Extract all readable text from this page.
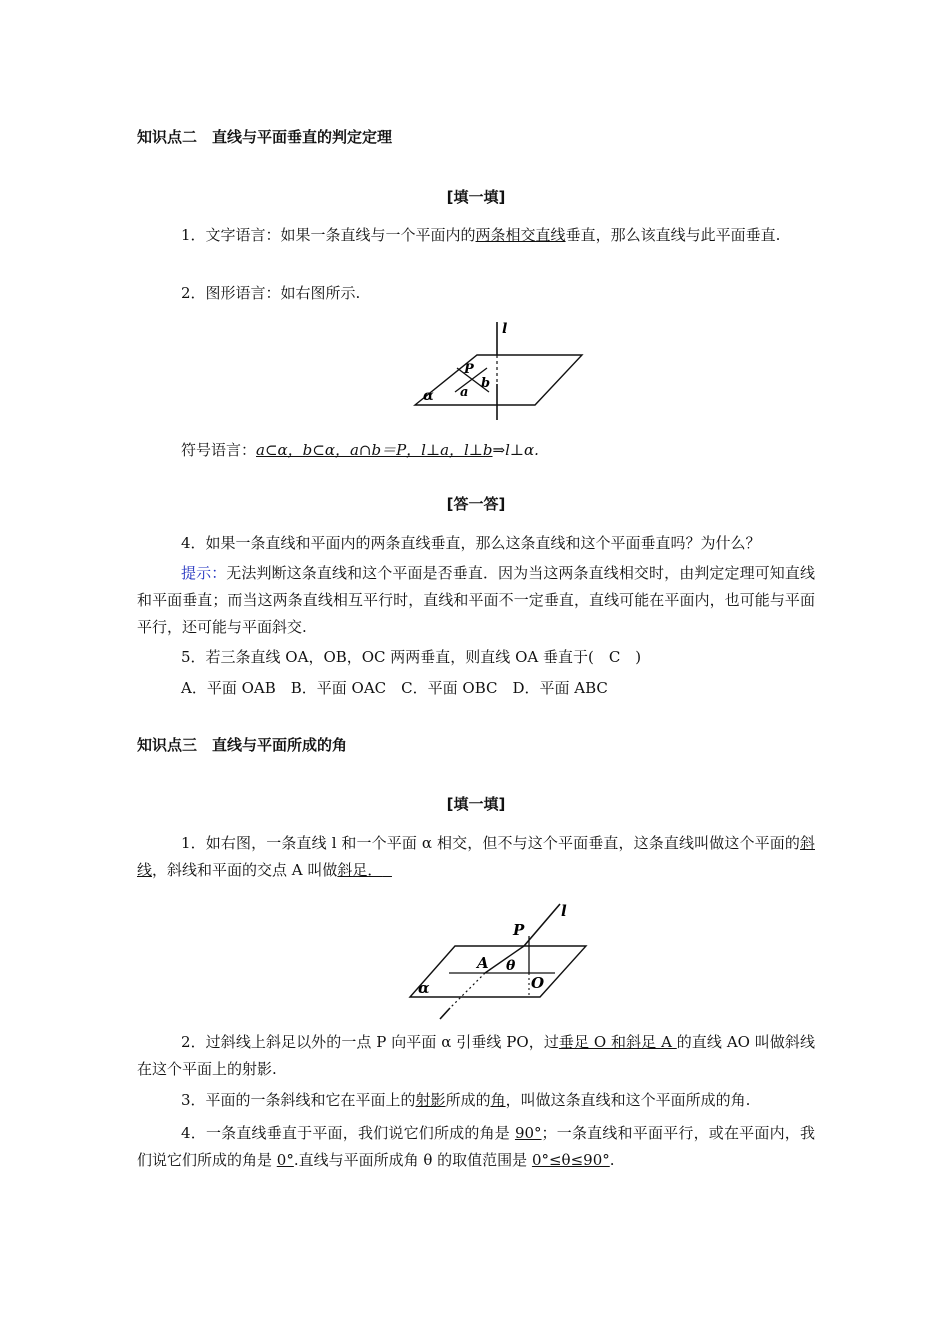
知识点二　直线与平面垂直的判定定理
[填一填]
1．文字语言：如果一条直线与一个平面内的两条相交直线垂直，那么该直线与此平面垂直.
2．图形语言：如右图所示.
l
P
a
b
α
符号语言：a⊂α，b⊂α，a∩b＝P，l⊥a，l⊥b⇒l⊥α.
[答一答]
4．如果一条直线和平面内的两条直线垂直，那么这条直线和这个平面垂直吗？为什么？
提示：无法判断这条直线和这个平面是否垂直．因为当这两条直线相交时，由判定定理可知直线和平面垂直；而当这两条直线相互平行时，直线和平面不一定垂直，直线可能在平面内，也可能与平面平行，还可能与平面斜交.
5．若三条直线 OA，OB，OC 两两垂直，则直线 OA 垂直于(　C　)
A．平面 OAB　B．平面 OAC　C．平面 OBC　D．平面 ABC
知识点三　直线与平面所成的角
[填一填]
1．如右图，一条直线 l 和一个平面 α 相交，但不与这个平面垂直，这条直线叫做这个平面的斜线，斜线和平面的交点 A 叫做斜足．
l
P
A θ
O
α
2．过斜线上斜足以外的一点 P 向平面 α 引垂线 PO，过垂足 O 和斜足 A 的直线 AO 叫做斜线在这个平面上的射影.
3．平面的一条斜线和它在平面上的射影所成的角，叫做这条直线和这个平面所成的角.
4．一条直线垂直于平面，我们说它们所成的角是 90°；一条直线和平面平行，或在平面内，我们说它们所成的角是 0°.直线与平面所成角 θ 的取值范围是 0°≤θ≤90°.
